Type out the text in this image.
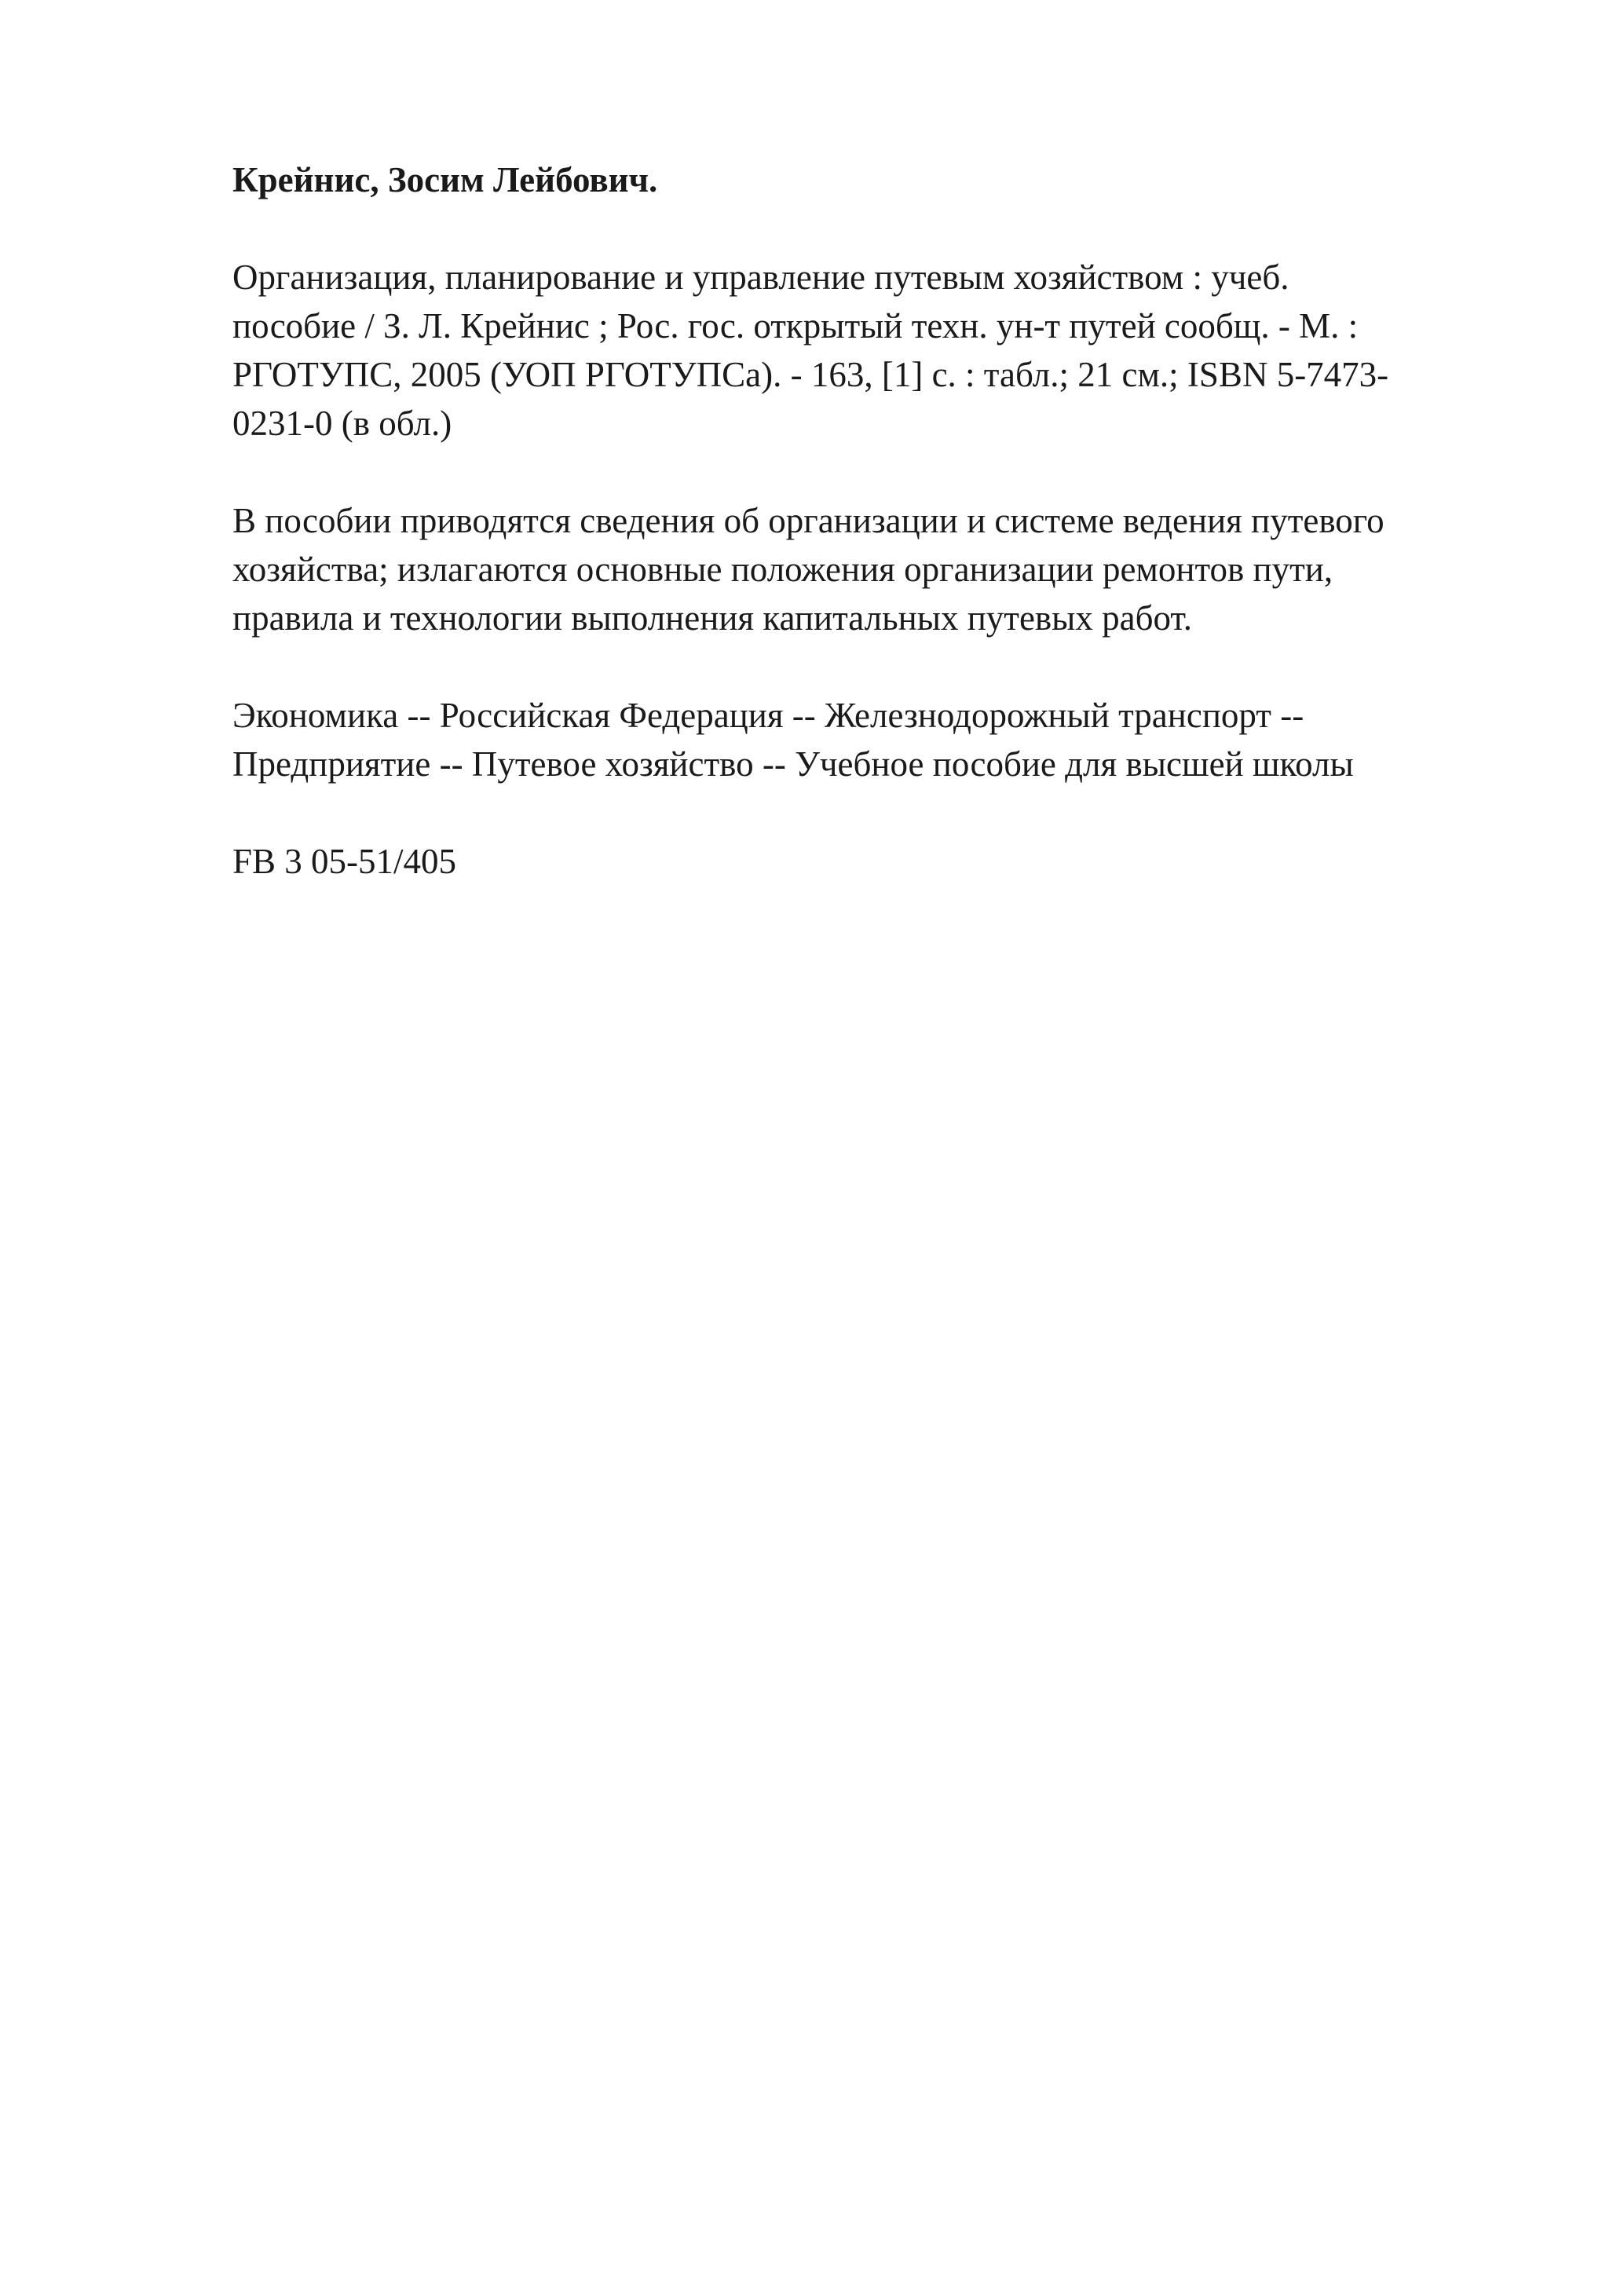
Крейнис, Зосим Лейбович.
Организация, планирование и управление путевым хозяйством : учеб.
пособие / З. Л. Крейнис ; Рос. гос. открытый техн. ун-т путей сообщ. - М. :
РГОТУПС, 2005 (УОП РГОТУПСа). - 163, [1] с. : табл.; 21 см.; ISBN 5-7473-
0231-0 (в обл.)
В пособии приводятся сведения об организации и системе ведения путевого
хозяйства; излагаются основные положения организации ремонтов пути,
правила и технологии выполнения капитальных путевых работ.
Экономика -- Российская Федерация -- Железнодорожный транспорт --
Предприятие -- Путевое хозяйство -- Учебное пособие для высшей школы
FB 3 05-51/405
